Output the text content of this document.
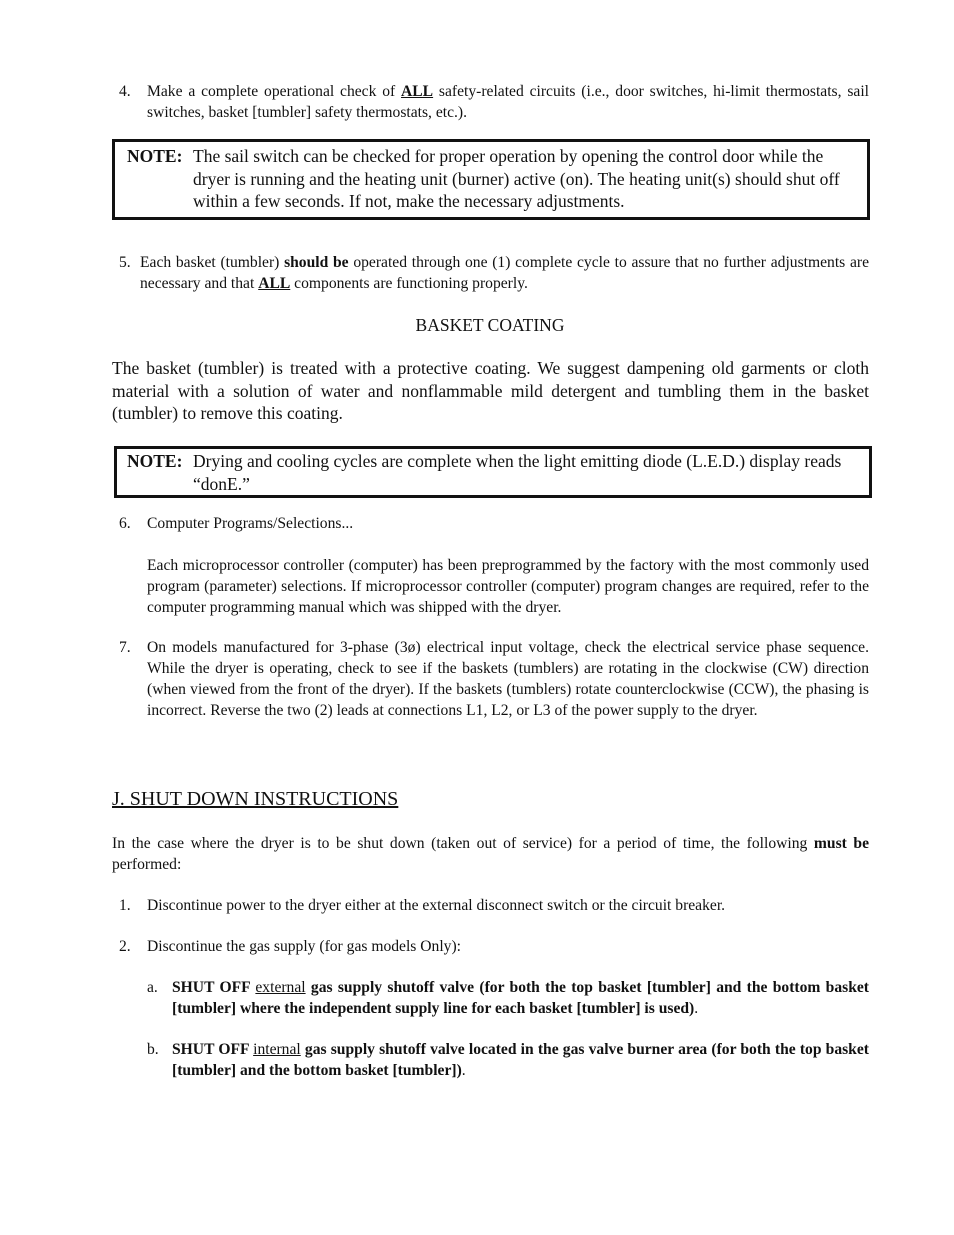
4. Make a complete operational check of ALL safety-related circuits (i.e., door switches, hi-limit thermostats, sail switches, basket [tumbler] safety thermostats, etc.).
NOTE: The sail switch can be checked for proper operation by opening the control door while the dryer is running and the heating unit (burner) active (on). The heating unit(s) should shut off within a few seconds. If not, make the necessary adjustments.
5. Each basket (tumbler) should be operated through one (1) complete cycle to assure that no further adjustments are necessary and that ALL components are functioning properly.
BASKET COATING
The basket (tumbler) is treated with a protective coating. We suggest dampening old garments or cloth material with a solution of water and nonflammable mild detergent and tumbling them in the basket (tumbler) to remove this coating.
NOTE: Drying and cooling cycles are complete when the light emitting diode (L.E.D.) display reads “donE.”
6. Computer Programs/Selections...
Each microprocessor controller (computer) has been preprogrammed by the factory with the most commonly used program (parameter) selections. If microprocessor controller (computer) program changes are required, refer to the computer programming manual which was shipped with the dryer.
7. On models manufactured for 3-phase (3ø) electrical input voltage, check the electrical service phase sequence. While the dryer is operating, check to see if the baskets (tumblers) are rotating in the clockwise (CW) direction (when viewed from the front of the dryer). If the baskets (tumblers) rotate counterclockwise (CCW), the phasing is incorrect. Reverse the two (2) leads at connections L1, L2, or L3 of the power supply to the dryer.
J. SHUT DOWN INSTRUCTIONS
In the case where the dryer is to be shut down (taken out of service) for a period of time, the following must be performed:
1. Discontinue power to the dryer either at the external disconnect switch or the circuit breaker.
2. Discontinue the gas supply (for gas models Only):
a. SHUT OFF external gas supply shutoff valve (for both the top basket [tumbler] and the bottom basket [tumbler] where the independent supply line for each basket [tumbler] is used).
b. SHUT OFF internal gas supply shutoff valve located in the gas valve burner area (for both the top basket [tumbler] and the bottom basket [tumbler]).
